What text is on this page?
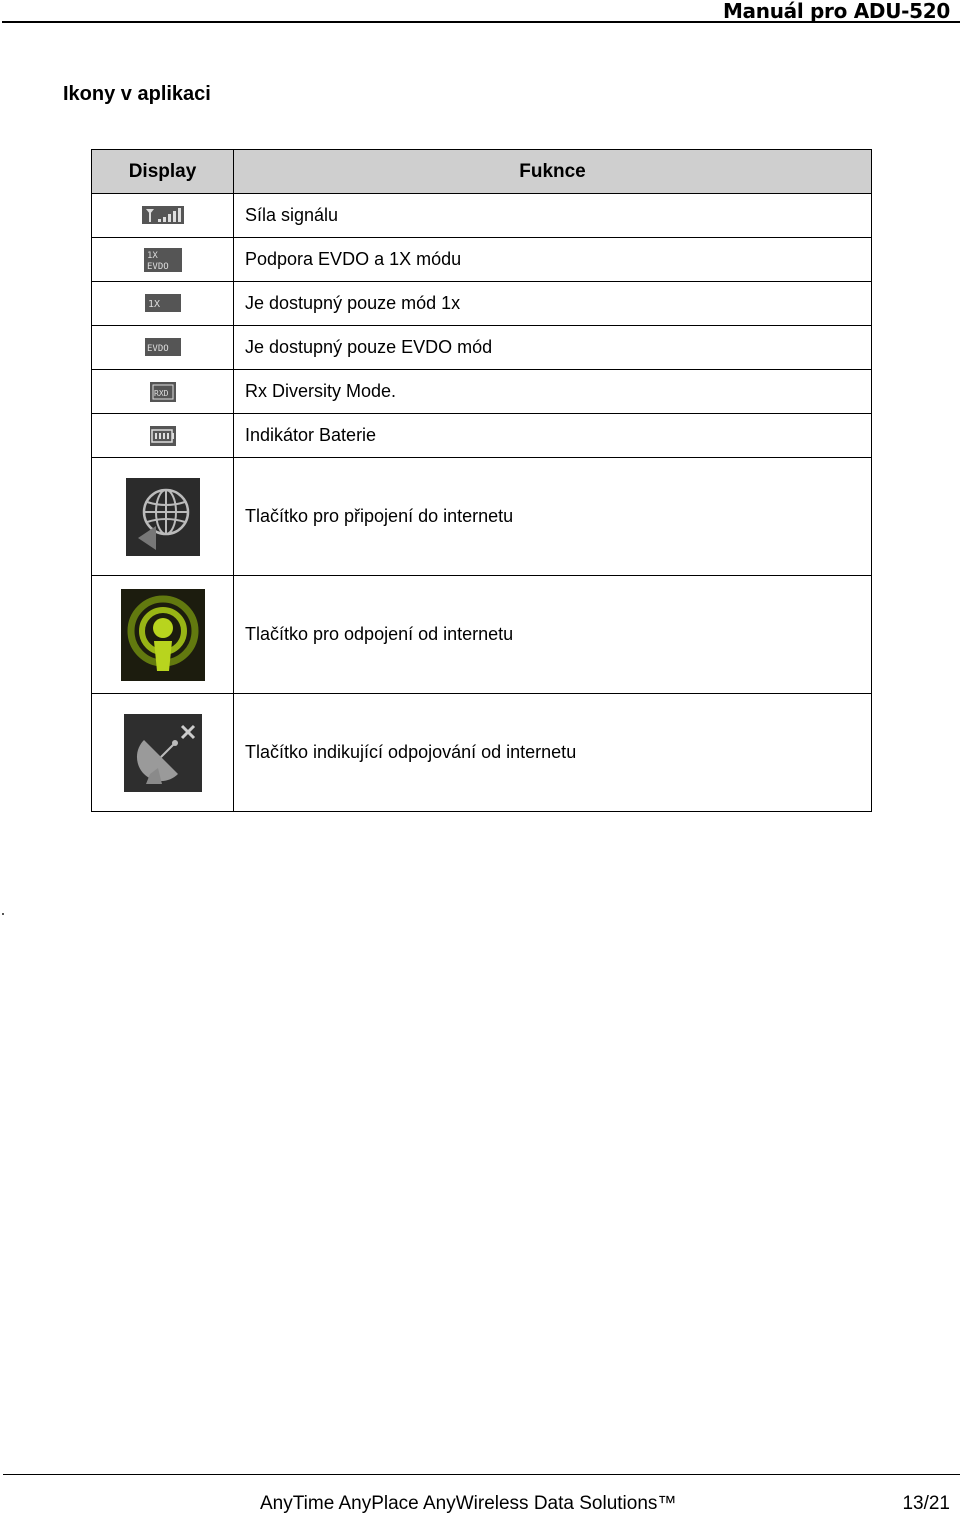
Manuál pro ADU-520
Ikony v aplikaci
Display	Fuknce

	Síla signálu

1X
EVDO	Podpora EVDO a 1X módu

1X	Je dostupný pouze mód 1x

EVDO	Je dostupný pouze EVDO mód

RXD	Rx Diversity Mode.

	Indikátor Baterie

	Tlačítko pro připojení do internetu

	Tlačítko pro odpojení od internetu

	Tlačítko indikující odpojování od internetu
AnyTime AnyPlace AnyWireless Data Solutions™	13/21
